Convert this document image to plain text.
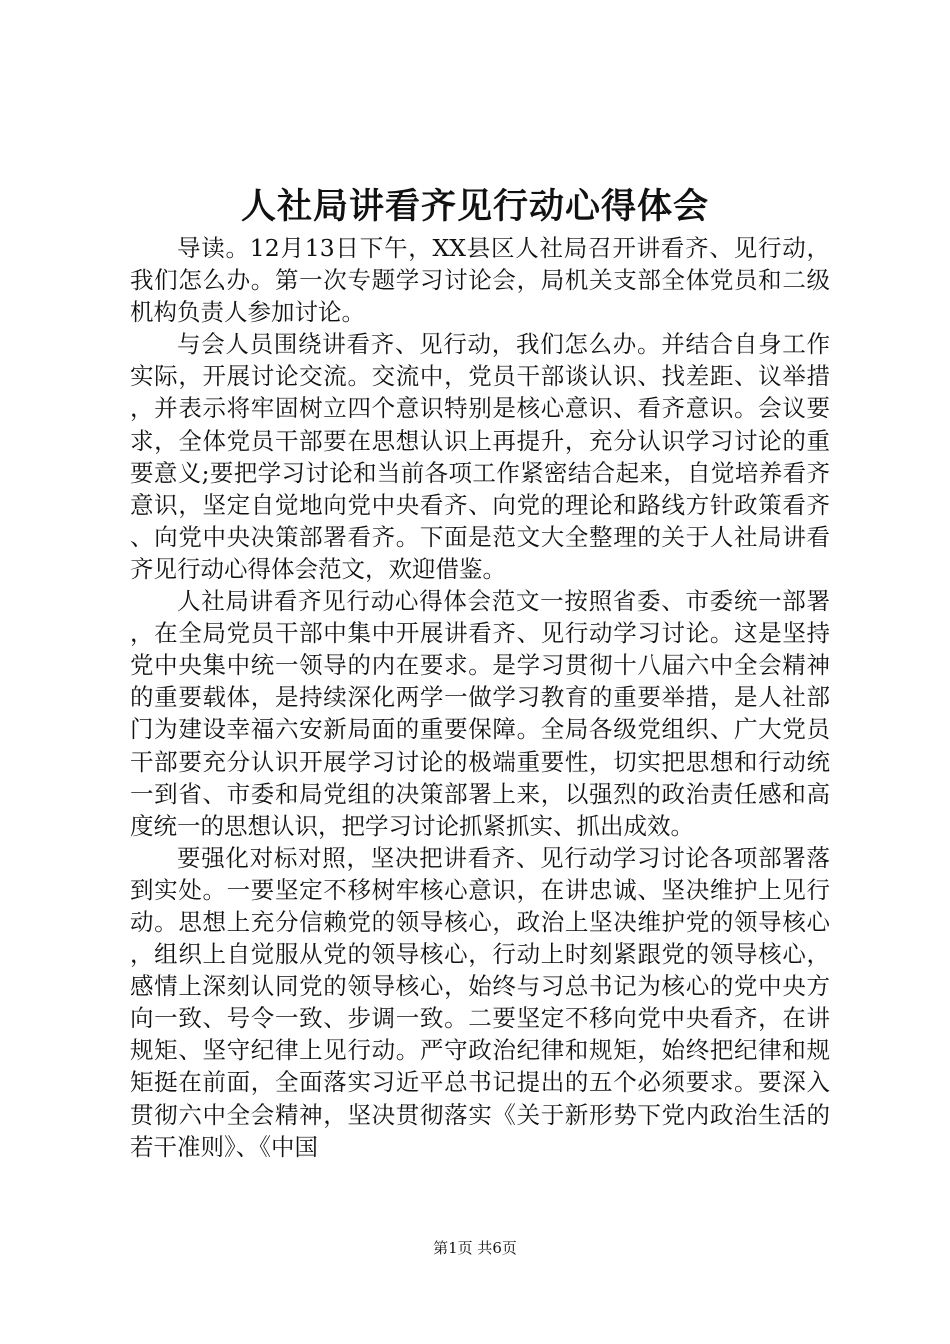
人社局讲看齐见行动心得体会

导读。12月13日下午，XX县区人社局召开讲看齐、见行动，我们怎么办。第一次专题学习讨论会，局机关支部全体党员和二级机构负责人参加讨论。

与会人员围绕讲看齐、见行动，我们怎么办。并结合自身工作实际，开展讨论交流。交流中，党员干部谈认识、找差距、议举措，并表示将牢固树立四个意识特别是核心意识、看齐意识。会议要求，全体党员干部要在思想认识上再提升，充分认识学习讨论的重要意义;要把学习讨论和当前各项工作紧密结合起来，自觉培养看齐意识，坚定自觉地向党中央看齐、向党的理论和路线方针政策看齐、向党中央决策部署看齐。下面是范文大全整理的关于人社局讲看齐见行动心得体会范文，欢迎借鉴。

人社局讲看齐见行动心得体会范文一按照省委、市委统一部署，在全局党员干部中集中开展讲看齐、见行动学习讨论。这是坚持党中央集中统一领导的内在要求。是学习贯彻十八届六中全会精神的重要载体，是持续深化两学一做学习教育的重要举措，是人社部门为建设幸福六安新局面的重要保障。全局各级党组织、广大党员干部要充分认识开展学习讨论的极端重要性，切实把思想和行动统一到省、市委和局党组的决策部署上来，以强烈的政治责任感和高度统一的思想认识，把学习讨论抓紧抓实、抓出成效。

要强化对标对照，坚决把讲看齐、见行动学习讨论各项部署落到实处。一要坚定不移树牢核心意识，在讲忠诚、坚决维护上见行动。思想上充分信赖党的领导核心，政治上坚决维护党的领导核心，组织上自觉服从党的领导核心，行动上时刻紧跟党的领导核心，感情上深刻认同党的领导核心，始终与习总书记为核心的党中央方向一致、号令一致、步调一致。二要坚定不移向党中央看齐，在讲规矩、坚守纪律上见行动。严守政治纪律和规矩，始终把纪律和规矩挺在前面，全面落实习近平总书记提出的五个必须要求。要深入贯彻六中全会精神，坚决贯彻落实《关于新形势下党内政治生活的若干准则》、《中国

第1页 共6页
